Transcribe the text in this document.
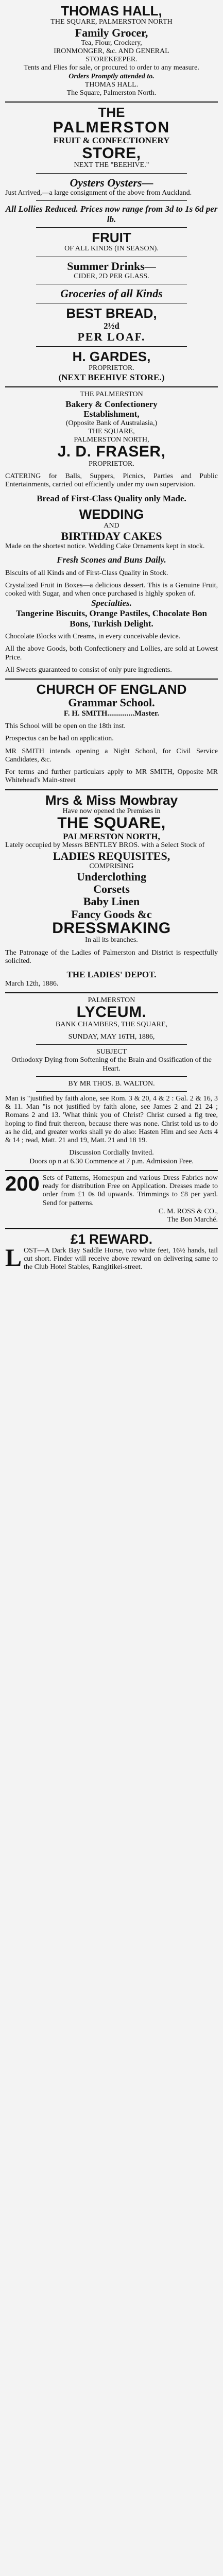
THOMAS HALL,
THE SQUARE, PALMERSTON NORTH
Family Grocer,
Tea, Flour, Crockery,
IRONMONGER, &c. AND GENERAL
STOREKEEPER.
Tents and Flies for sale, or procured to order to any measure.
Orders Promptly attended to.
THOMAS HALL.
The Square, Palmerston North.
THE
PALMERSTON
FRUIT & CONFECTIONERY
STORE,
NEXT THE "BEEHIVE."
Oysters Oysters—
Just Arrived,—a large consignment of the above from Auckland.
All Lollies Reduced. Prices now range from 3d to 1s 6d per lb.
FRUIT
OF ALL KINDS (IN SEASON).
Summer Drinks—
CIDER, 2D PER GLASS.
Groceries of all Kinds
BEST BREAD,
2½d
PER LOAF.
H. GARDES,
PROPRIETOR.
(NEXT BEEHIVE STORE.)
THE PALMERSTON
Bakery & Confectionery
Establishment,
(Opposite Bank of Australasia,)
THE SQUARE,
PALMERSTON NORTH,
J. D. FRASER,
PROPRIETOR.
CATERING for Balls, Suppers, Picnics, Parties and Public Entertainments, carried out efficiently under my own supervision.
Bread of First-Class Quality only Made.
WEDDING
AND
BIRTHDAY CAKES
Made on the shortest notice. Wedding Cake Ornaments kept in stock.
Fresh Scones and Buns Daily.
Biscuits of all Kinds and of First-Class Quality in Stock.
Crystalized Fruit in Boxes—a delicious dessert. This is a Genuine Fruit, cooked with Sugar, and when once purchased is highly spoken of.
Specialties.
Tangerine Biscuits, Orange Pastiles, Chocolate Bon Bons, Turkish Delight.
Chocolate Blocks with Creams, in every conceivable device.
All the above Goods, both Confectionery and Lollies, are sold at Lowest Price.
All Sweets guaranteed to consist of only pure ingredients.
CHURCH OF ENGLAND
Grammar School.
F. H. SMITH..............Master.
This School will be open on the 18th inst.
Prospectus can be had on application.
MR SMITH intends opening a Night School, for Civil Service Candidates, &c.
For terms and further particulars apply to MR SMITH, Opposite MR Whitehead's Main-street
Mrs & Miss Mowbray
Have now opened the Premises in
THE SQUARE,
PALMERSTON NORTH,
Lately occupied by Messrs BENTLEY BROS. with a Select Stock of
LADIES REQUISITES,
COMPRISING
Underclothing
Corsets
Baby Linen
Fancy Goods &c
DRESSMAKING
In all its branches.
The Patronage of the Ladies of Palmerston and District is respectfully solicited.
THE LADIES' DEPOT.
March 12th, 1886.
PALMERSTON
LYCEUM.
BANK CHAMBERS, THE SQUARE,
SUNDAY, MAY 16TH, 1886,
SUBJECT
Orthodoxy Dying from Softening of the Brain and Ossification of the Heart.
BY MR THOS. B. WALTON.
Man is "justified by faith alone, see Rom. 3 & 20, 4 & 2 : Gal. 2 & 16, 3 & 11. Man "is not justified by faith alone, see James 2 and 21 24 ; Romans 2 and 13. 'What think you of Christ? Christ cursed a fig tree, hoping to find fruit thereon, because there was none. Christ told us to do as he did, and greater works shall ye do also: Hasten Him and see Acts 4 & 14 ; read, Matt. 21 and 19, Matt. 21 and 18 19.
Discussion Cordially Invited.
Doors op n at 6.30 Commence at 7 p.m. Admission Free.
200 Sets of Patterns, Homespun and various Dress Fabrics now ready for distribution Free on Application. Dresses made to order from £1 0s 0d upwards. Trimmings to £8 per yard. Send for patterns.
C. M. ROSS & CO.,
The Bon Marché.
£1 REWARD.
L OST—A Dark Bay Saddle Horse, two white feet, 16½ hands, tail cut short. Finder will receive above reward on delivering same to the Club Hotel Stables, Rangitikei-street.
